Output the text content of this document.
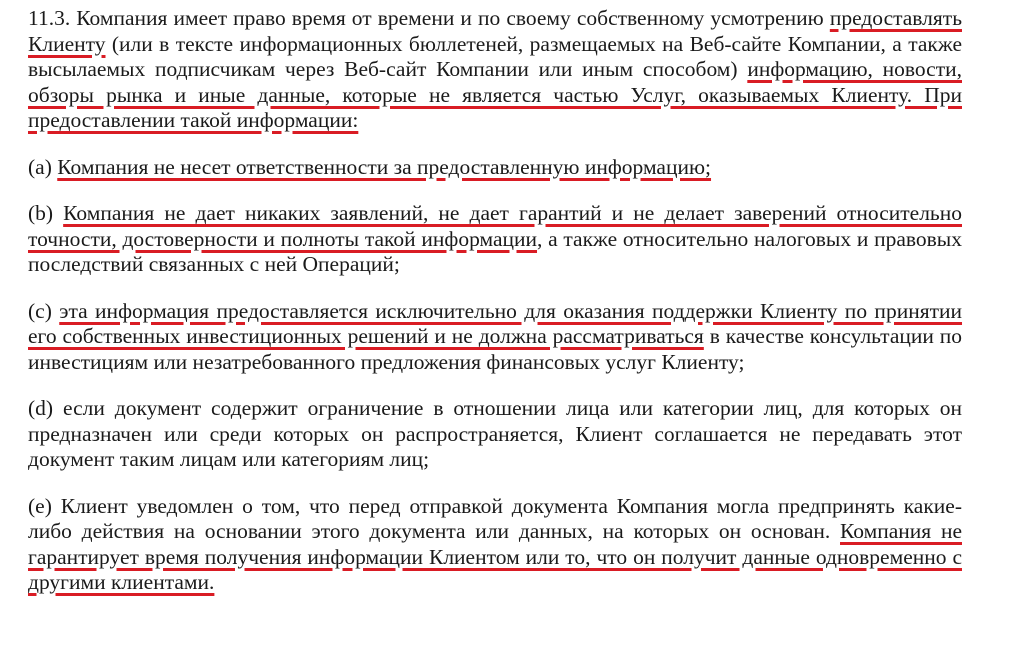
11.3. Компания имеет право время от времени и по своему собственному усмотрению предоставлять Клиенту (или в тексте информационных бюллетеней, размещаемых на Веб-сайте Компании, а также высылаемых подписчикам через Веб-сайт Компании или иным способом) информацию, новости, обзоры рынка и иные данные, которые не является частью Услуг, оказываемых Клиенту. При предоставлении такой информации:

(a) Компания не несет ответственности за предоставленную информацию;

(b) Компания не дает никаких заявлений, не дает гарантий и не делает заверений относительно точности, достоверности и полноты такой информации, а также относительно налоговых и правовых последствий связанных с ней Операций;

(c) эта информация предоставляется исключительно для оказания поддержки Клиенту по принятии его собственных инвестиционных решений и не должна рассматриваться в качестве консультации по инвестициям или незатребованного предложения финансовых услуг Клиенту;

(d) если документ содержит ограничение в отношении лица или категории лиц, для которых он предназначен или среди которых он распространяется, Клиент соглашается не передавать этот документ таким лицам или категориям лиц;

(e) Клиент уведомлен о том, что перед отправкой документа Компания могла предпринять какие-либо действия на основании этого документа или данных, на которых он основан. Компания не гарантирует время получения информации Клиентом или то, что он получит данные одновременно с другими клиентами.
